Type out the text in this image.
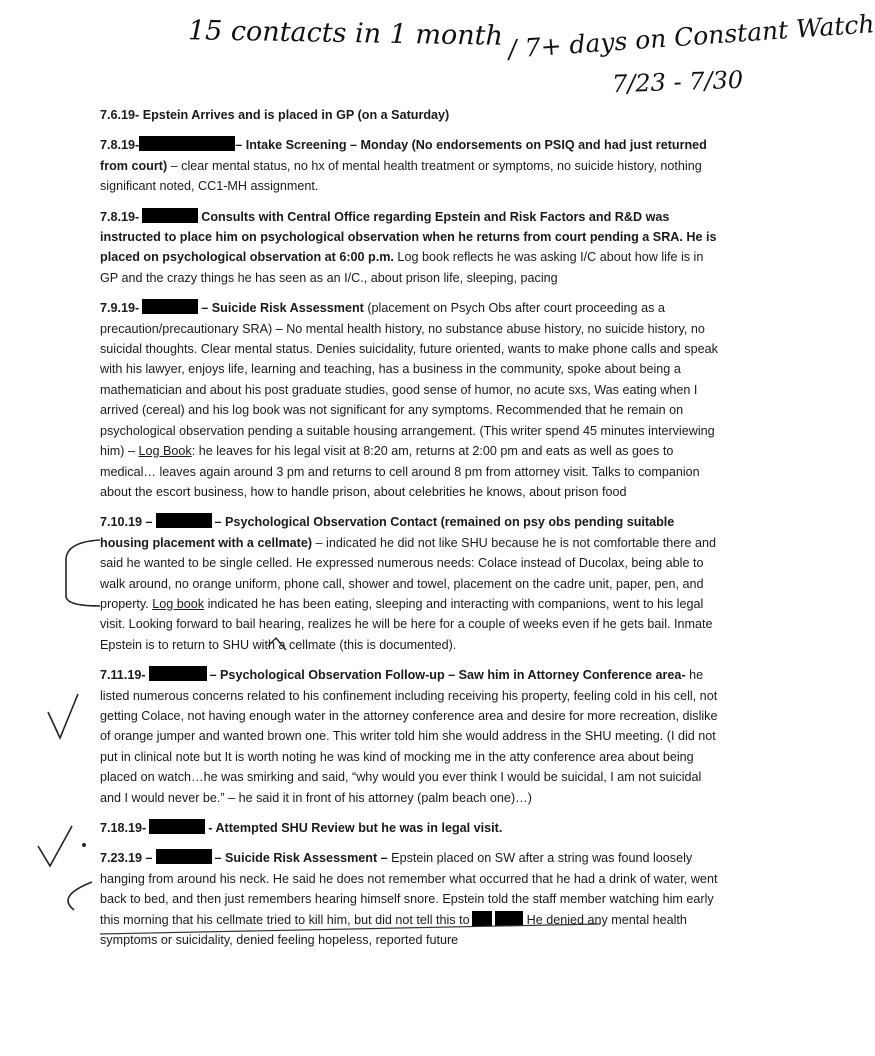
15 contacts in 1 month / 7+ days on Constant Watch
7/23 - 7/30

7.6.19- Epstein Arrives and is placed in GP (on a Saturday)

7.8.19-	– Intake Screening – Monday (No endorsements on PSIQ and had just returned from court) – clear mental status, no hx of mental health treatment or symptoms, no suicide history, nothing significant noted, CC1-MH assignment.

7.8.19-	Consults with Central Office regarding Epstein and Risk Factors and R&D was instructed to place him on psychological observation when he returns from court pending a SRA. He is placed on psychological observation at 6:00 p.m. Log book reflects he was asking I/C about how life is in GP and the crazy things he has seen as an I/C., about prison life, sleeping, pacing

7.9.19-	– Suicide Risk Assessment (placement on Psych Obs after court proceeding as a precaution/precautionary SRA) – No mental health history, no substance abuse history, no suicide history, no suicidal thoughts. Clear mental status. Denies suicidality, future oriented, wants to make phone calls and speak with his lawyer, enjoys life, learning and teaching, has a business in the community, spoke about being a mathematician and about his post graduate studies, good sense of humor, no acute sxs, Was eating when I arrived (cereal) and his log book was not significant for any symptoms. Recommended that he remain on psychological observation pending a suitable housing arrangement. (This writer spend 45 minutes interviewing him) – Log Book: he leaves for his legal visit at 8:20 am, returns at 2:00 pm and eats as well as goes to medical… leaves again around 3 pm and returns to cell around 8 pm from attorney visit. Talks to companion about the escort business, how to handle prison, about celebrities he knows, about prison food

7.10.19 –	– Psychological Observation Contact (remained on psy obs pending suitable housing placement with a cellmate) – indicated he did not like SHU because he is not comfortable there and said he wanted to be single celled. He expressed numerous needs: Colace instead of Ducolax, being able to walk around, no orange uniform, phone call, shower and towel, placement on the cadre unit, paper, pen, and property. Log book indicated he has been eating, sleeping and interacting with companions, went to his legal visit. Looking forward to bail hearing, realizes he will be here for a couple of weeks even if he gets bail. Inmate Epstein is to return to SHU with a cellmate (this is documented).

7.11.19-	– Psychological Observation Follow-up – Saw him in Attorney Conference area- he listed numerous concerns related to his confinement including receiving his property, feeling cold in his cell, not getting Colace, not having enough water in the attorney conference area and desire for more recreation, dislike of orange jumper and wanted brown one. This writer told him she would address in the SHU meeting. (I did not put in clinical note but It is worth noting he was kind of mocking me in the atty conference area about being placed on watch…he was smirking and said, “why would you ever think I would be suicidal, I am not suicidal and I would never be.” – he said it in front of his attorney (palm beach one)…)

7.18.19-	- Attempted SHU Review but he was in legal visit.

7.23.19 –	– Suicide Risk Assessment – Epstein placed on SW after a string was found loosely hanging from around his neck. He said he does not remember what occurred that he had a drink of water, went back to bed, and then just remembers hearing himself snore. Epstein told the staff member watching him early this morning that his cellmate tried to kill him, but did not tell this to	He denied any mental health symptoms or suicidality, denied feeling hopeless, reported future
